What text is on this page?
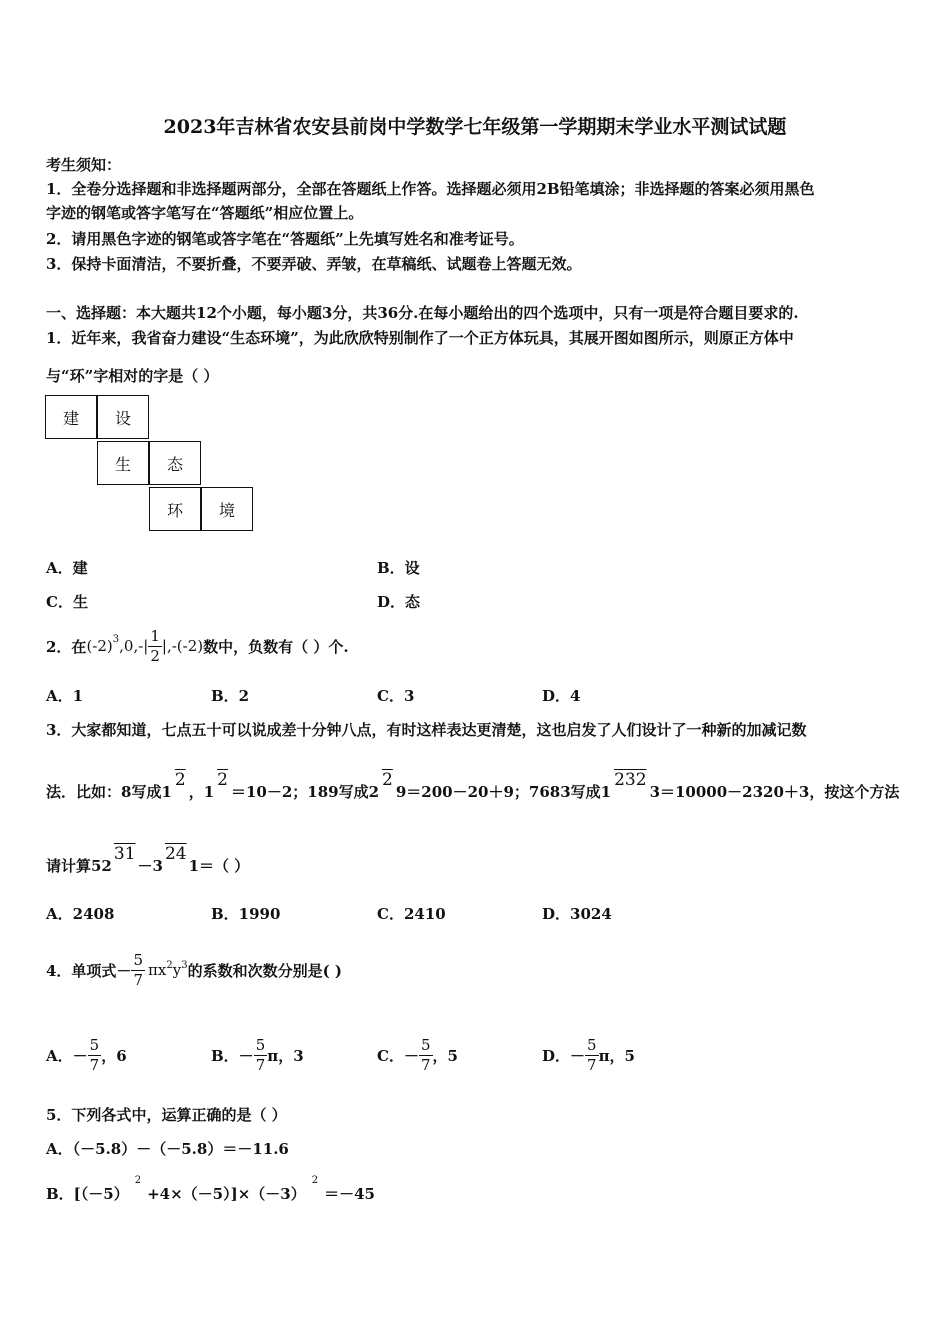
2023年吉林省农安县前岗中学数学七年级第一学期期末学业水平测试试题
考生须知：
1．全卷分选择题和非选择题两部分，全部在答题纸上作答。选择题必须用2B铅笔填涂；非选择题的答案必须用黑色
字迹的钢笔或答字笔写在“答题纸”相应位置上。
2．请用黑色字迹的钢笔或答字笔在“答题纸”上先填写姓名和准考证号。
3．保持卡面清洁，不要折叠，不要弄破、弄皱，在草稿纸、试题卷上答题无效。
一、选择题：本大题共12个小题，每小题3分，共36分.在每小题给出的四个选项中，只有一项是符合题目要求的.
1．近年来，我省奋力建设“生态环境”，为此欣欣特别制作了一个正方体玩具，其展开图如图所示，则原正方体中
与“环”字相对的字是（ ）
建	设
生	态
环	境
A．建	B．设
C．生	D．态
2．在 (-2) 3 $,0,-| \frac{1}{2} |,-(-2)$ 数中，负数有（ ）个.
A．1	B．2	C．3	D．4
3．大家都知道，七点五十可以说成差十分钟八点，有时这样表达更清楚，这也启发了人们设计了一种新的加减记数
法．比如：8写成1
2
，1
2
＝10－2；189写成2
2
9＝200－20＋9；7683写成1
232
3＝10000－2320＋3，按这个方法
请计算52
31
－3
24
1＝（ ）
A．2408	B．1990	C．2410	D．3024
4．单项式－ $\frac{5}{7}$ πx 2 y 3 的系数和次数分别是( )
A．－ $\frac{5}{7}$ ，6	B．－ $\frac{5}{7}$ π，3	C．－ $\frac{5}{7}$ ，5	D．－ $\frac{5}{7}$ π，5
5．下列各式中，运算正确的是（ ）
A．（－5.8）－（－5.8）＝－11.6
B．[（－5）
2
+4×（－5）]×（－3）
2
＝－45
